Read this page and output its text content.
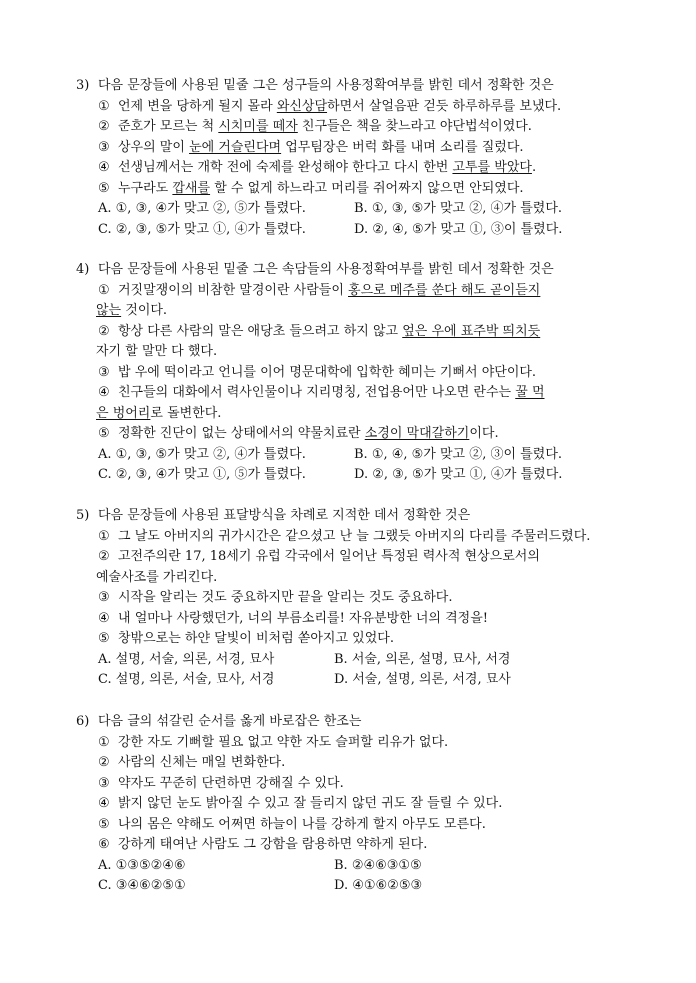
3) 다음 문장들에 사용된 밑줄 그은 성구들의 사용정확여부를 밝힌 데서 정확한 것은
① 언제 변을 당하게 될지 몰라 와신상담하면서 살얼음판 걷듯 하루하루를 보냈다.
② 준호가 모르는 척 시치미를 떼자 친구들은 책을 찾느라고 야단법석이였다.
③ 상우의 말이 눈에 거슬린다며 업무팀장은 버럭 화를 내며 소리를 질렀다.
④ 선생님께서는 개학 전에 숙제를 완성해야 한다고 다시 한번 고투를 박았다.
⑤ 누구라도 깝새를 할 수 없게 하느라고 머리를 쥐어짜지 않으면 안되였다.
A. ①, ③, ④가 맞고 ②, ⑤가 틀렸다.	B. ①, ③, ⑤가 맞고 ②, ④가 틀렸다.
C. ②, ③, ⑤가 맞고 ①, ④가 틀렸다.	D. ②, ④, ⑤가 맞고 ①, ③이 틀렸다.
4) 다음 문장들에 사용된 밑줄 그은 속담들의 사용정확여부를 밝힌 데서 정확한 것은
① 거짓말쟁이의 비참한 말경이란 사람들이 홍으로 메주를 쑨다 해도 곧이듣지
않는 것이다.
② 항상 다른 사람의 말은 애당초 들으려고 하지 않고 엎은 우에 표주박 띄치듯
자기 할 말만 다 했다.
③ 밥 우에 떡이라고 언니를 이어 명문대학에 입학한 혜미는 기뻐서 야단이다.
④ 친구들의 대화에서 력사인물이나 지리명칭, 전업용어만 나오면 란수는 꿀 먹
은 벙어리로 돌변한다.
⑤ 정확한 진단이 없는 상태에서의 약물치료란 소경이 막대갈하기이다.
A. ①, ③, ⑤가 맞고 ②, ④가 틀렸다.	B. ①, ④, ⑤가 맞고 ②, ③이 틀렸다.
C. ②, ③, ④가 맞고 ①, ⑤가 틀렸다.	D. ②, ③, ⑤가 맞고 ①, ④가 틀렸다.
5) 다음 문장들에 사용된 표달방식을 차례로 지적한 데서 정확한 것은
① 그 날도 아버지의 귀가시간은 같으셨고 난 늘 그랬듯 아버지의 다리를 주물러드렸다.
② 고전주의란 17, 18세기 유럽 각국에서 일어난 특정된 력사적 현상으로서의
예술사조를 가리킨다.
③ 시작을 알리는 것도 중요하지만 끝을 알리는 것도 중요하다.
④ 내 얼마나 사랑했던가, 너의 부름소리를! 자유분방한 너의 격정을!
⑤ 창밖으로는 하얀 달빛이 비처럼 쏟아지고 있었다.
A. 설명, 서술, 의론, 서경, 묘사	B. 서술, 의론, 설명, 묘사, 서경
C. 설명, 의론, 서술, 묘사, 서경	D. 서술, 설명, 의론, 서경, 묘사
6) 다음 글의 섞갈린 순서를 옳게 바로잡은 한조는
① 강한 자도 기뻐할 필요 없고 약한 자도 슬퍼할 리유가 없다.
② 사람의 신체는 매일 변화한다.
③ 약자도 꾸준히 단련하면 강해질 수 있다.
④ 밝지 않던 눈도 밝아질 수 있고 잘 들리지 않던 귀도 잘 들릴 수 있다.
⑤ 나의 몸은 약해도 어쩌면 하늘이 나를 강하게 할지 아무도 모른다.
⑥ 강하게 태여난 사람도 그 강함을 람용하면 약하게 된다.
A. ①③⑤②④⑥	B. ②④⑥③①⑤
C. ③④⑥②⑤①	D. ④①⑥②⑤③
